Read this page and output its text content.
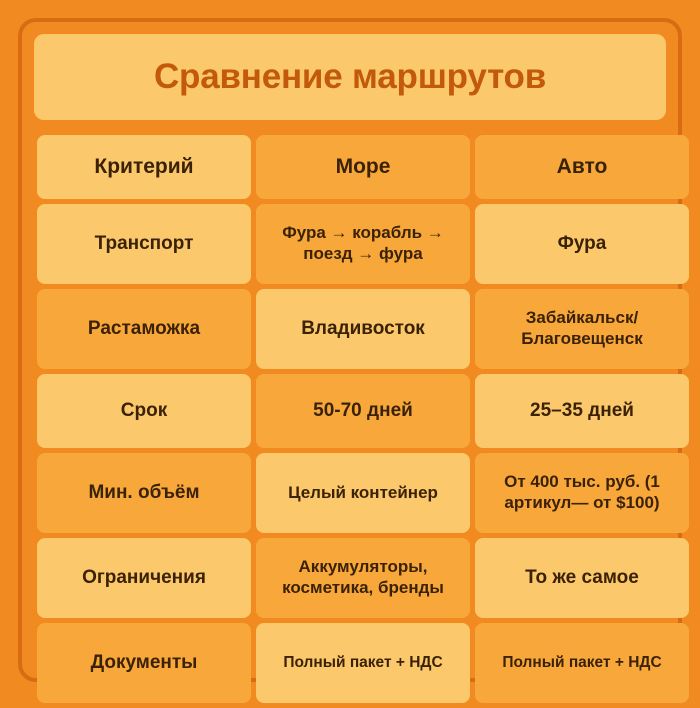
Сравнение маршрутов
Критерий	Море	Авто
Транспорт	Фура → корабль → поезд → фура	Фура
Растаможка	Владивосток	Забайкальск/ Благовещенск
Срок	50-70 дней	25–35 дней
Мин. объём	Целый контейнер	От 400 тыс. руб. (1 артикул— от $100)
Ограничения	Аккумуляторы, косметика, бренды	То же самое
Документы	Полный пакет + НДС	Полный пакет + НДС
